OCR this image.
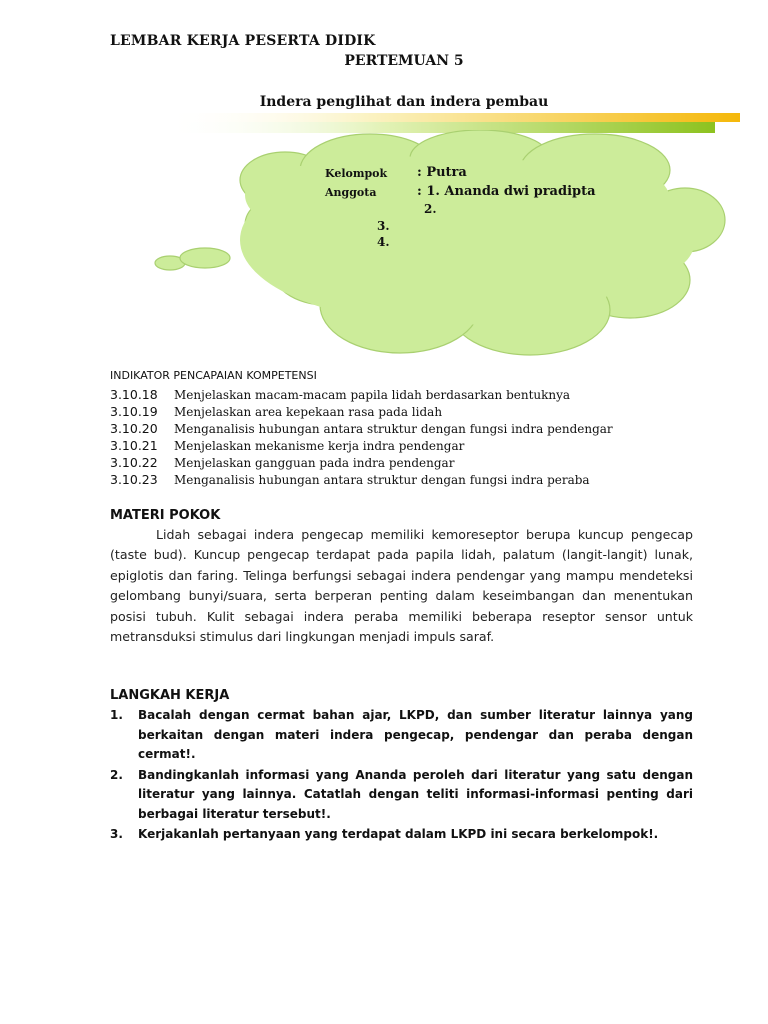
LEMBAR KERJA PESERTA DIDIK
PERTEMUAN 5
Indera penglihat dan indera pembau
Kelompok : Putra
Anggota	: 1. Ananda dwi pradipta
2.
3.
4.
INDIKATOR PENCAPAIAN KOMPETENSI
3.10.18	Menjelaskan macam-macam papila lidah berdasarkan bentuknya
3.10.19	Menjelaskan area kepekaan rasa pada lidah
3.10.20	Menganalisis hubungan antara struktur dengan fungsi indra pendengar
3.10.21	Menjelaskan mekanisme kerja indra pendengar
3.10.22	Menjelaskan gangguan pada indra pendengar
3.10.23	Menganalisis hubungan antara struktur dengan fungsi indra peraba
MATERI POKOK
Lidah sebagai indera pengecap memiliki kemoreseptor berupa kuncup pengecap (taste bud). Kuncup pengecap terdapat pada papila lidah, palatum (langit-langit) lunak, epiglotis dan faring. Telinga berfungsi sebagai indera pendengar yang mampu mendeteksi gelombang bunyi/suara, serta berperan penting dalam keseimbangan dan menentukan posisi tubuh. Kulit sebagai indera peraba memiliki beberapa reseptor sensor untuk metransduksi stimulus dari lingkungan menjadi impuls saraf.
LANGKAH KERJA
1.	Bacalah dengan cermat bahan ajar, LKPD, dan sumber literatur lainnya yang berkaitan dengan materi indera pengecap, pendengar dan peraba dengan cermat!.
2.	Bandingkanlah informasi yang Ananda peroleh dari literatur yang satu dengan literatur yang lainnya. Catatlah dengan teliti informasi-informasi penting dari berbagai literatur tersebut!.
3.	Kerjakanlah pertanyaan yang terdapat dalam LKPD ini secara berkelompok!.
